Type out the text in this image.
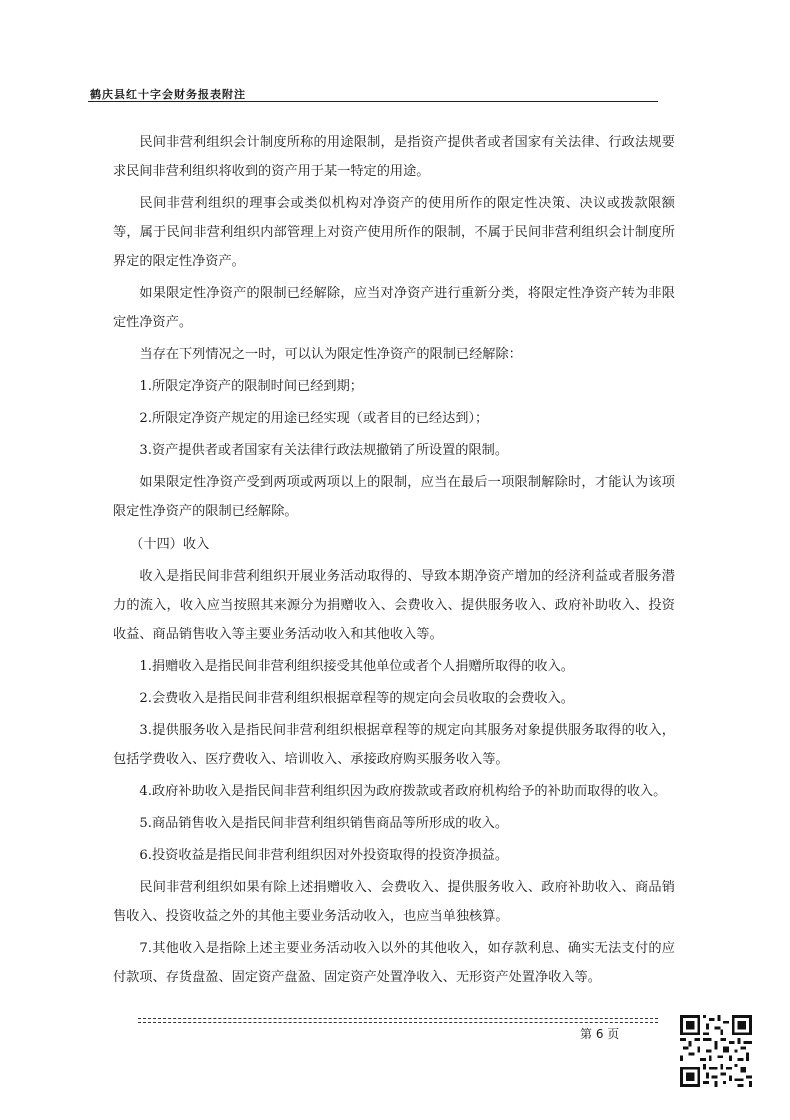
鹤庆县红十字会财务报表附注

民间非营利组织会计制度所称的用途限制，是指资产提供者或者国家有关法律、行政法规要求民间非营利组织将收到的资产用于某一特定的用途。

民间非营利组织的理事会或类似机构对净资产的使用所作的限定性决策、决议或拨款限额等，属于民间非营利组织内部管理上对资产使用所作的限制，不属于民间非营利组织会计制度所界定的限定性净资产。

如果限定性净资产的限制已经解除，应当对净资产进行重新分类，将限定性净资产转为非限定性净资产。

当存在下列情况之一时，可以认为限定性净资产的限制已经解除：

1.所限定净资产的限制时间已经到期；

2.所限定净资产规定的用途已经实现（或者目的已经达到）；

3.资产提供者或者国家有关法律行政法规撤销了所设置的限制。

如果限定性净资产受到两项或两项以上的限制，应当在最后一项限制解除时，才能认为该项限定性净资产的限制已经解除。

（十四）收入

收入是指民间非营利组织开展业务活动取得的、导致本期净资产增加的经济利益或者服务潜力的流入，收入应当按照其来源分为捐赠收入、会费收入、提供服务收入、政府补助收入、投资收益、商品销售收入等主要业务活动收入和其他收入等。

1.捐赠收入是指民间非营利组织接受其他单位或者个人捐赠所取得的收入。

2.会费收入是指民间非营利组织根据章程等的规定向会员收取的会费收入。

3.提供服务收入是指民间非营利组织根据章程等的规定向其服务对象提供服务取得的收入，包括学费收入、医疗费收入、培训收入、承接政府购买服务收入等。

4.政府补助收入是指民间非营利组织因为政府拨款或者政府机构给予的补助而取得的收入。

5.商品销售收入是指民间非营利组织销售商品等所形成的收入。

6.投资收益是指民间非营利组织因对外投资取得的投资净损益。

民间非营利组织如果有除上述捐赠收入、会费收入、提供服务收入、政府补助收入、商品销售收入、投资收益之外的其他主要业务活动收入，也应当单独核算。

7.其他收入是指除上述主要业务活动收入以外的其他收入，如存款利息、确实无法支付的应付款项、存货盘盈、固定资产盘盈、固定资产处置净收入、无形资产处置净收入等。

第 6 页
